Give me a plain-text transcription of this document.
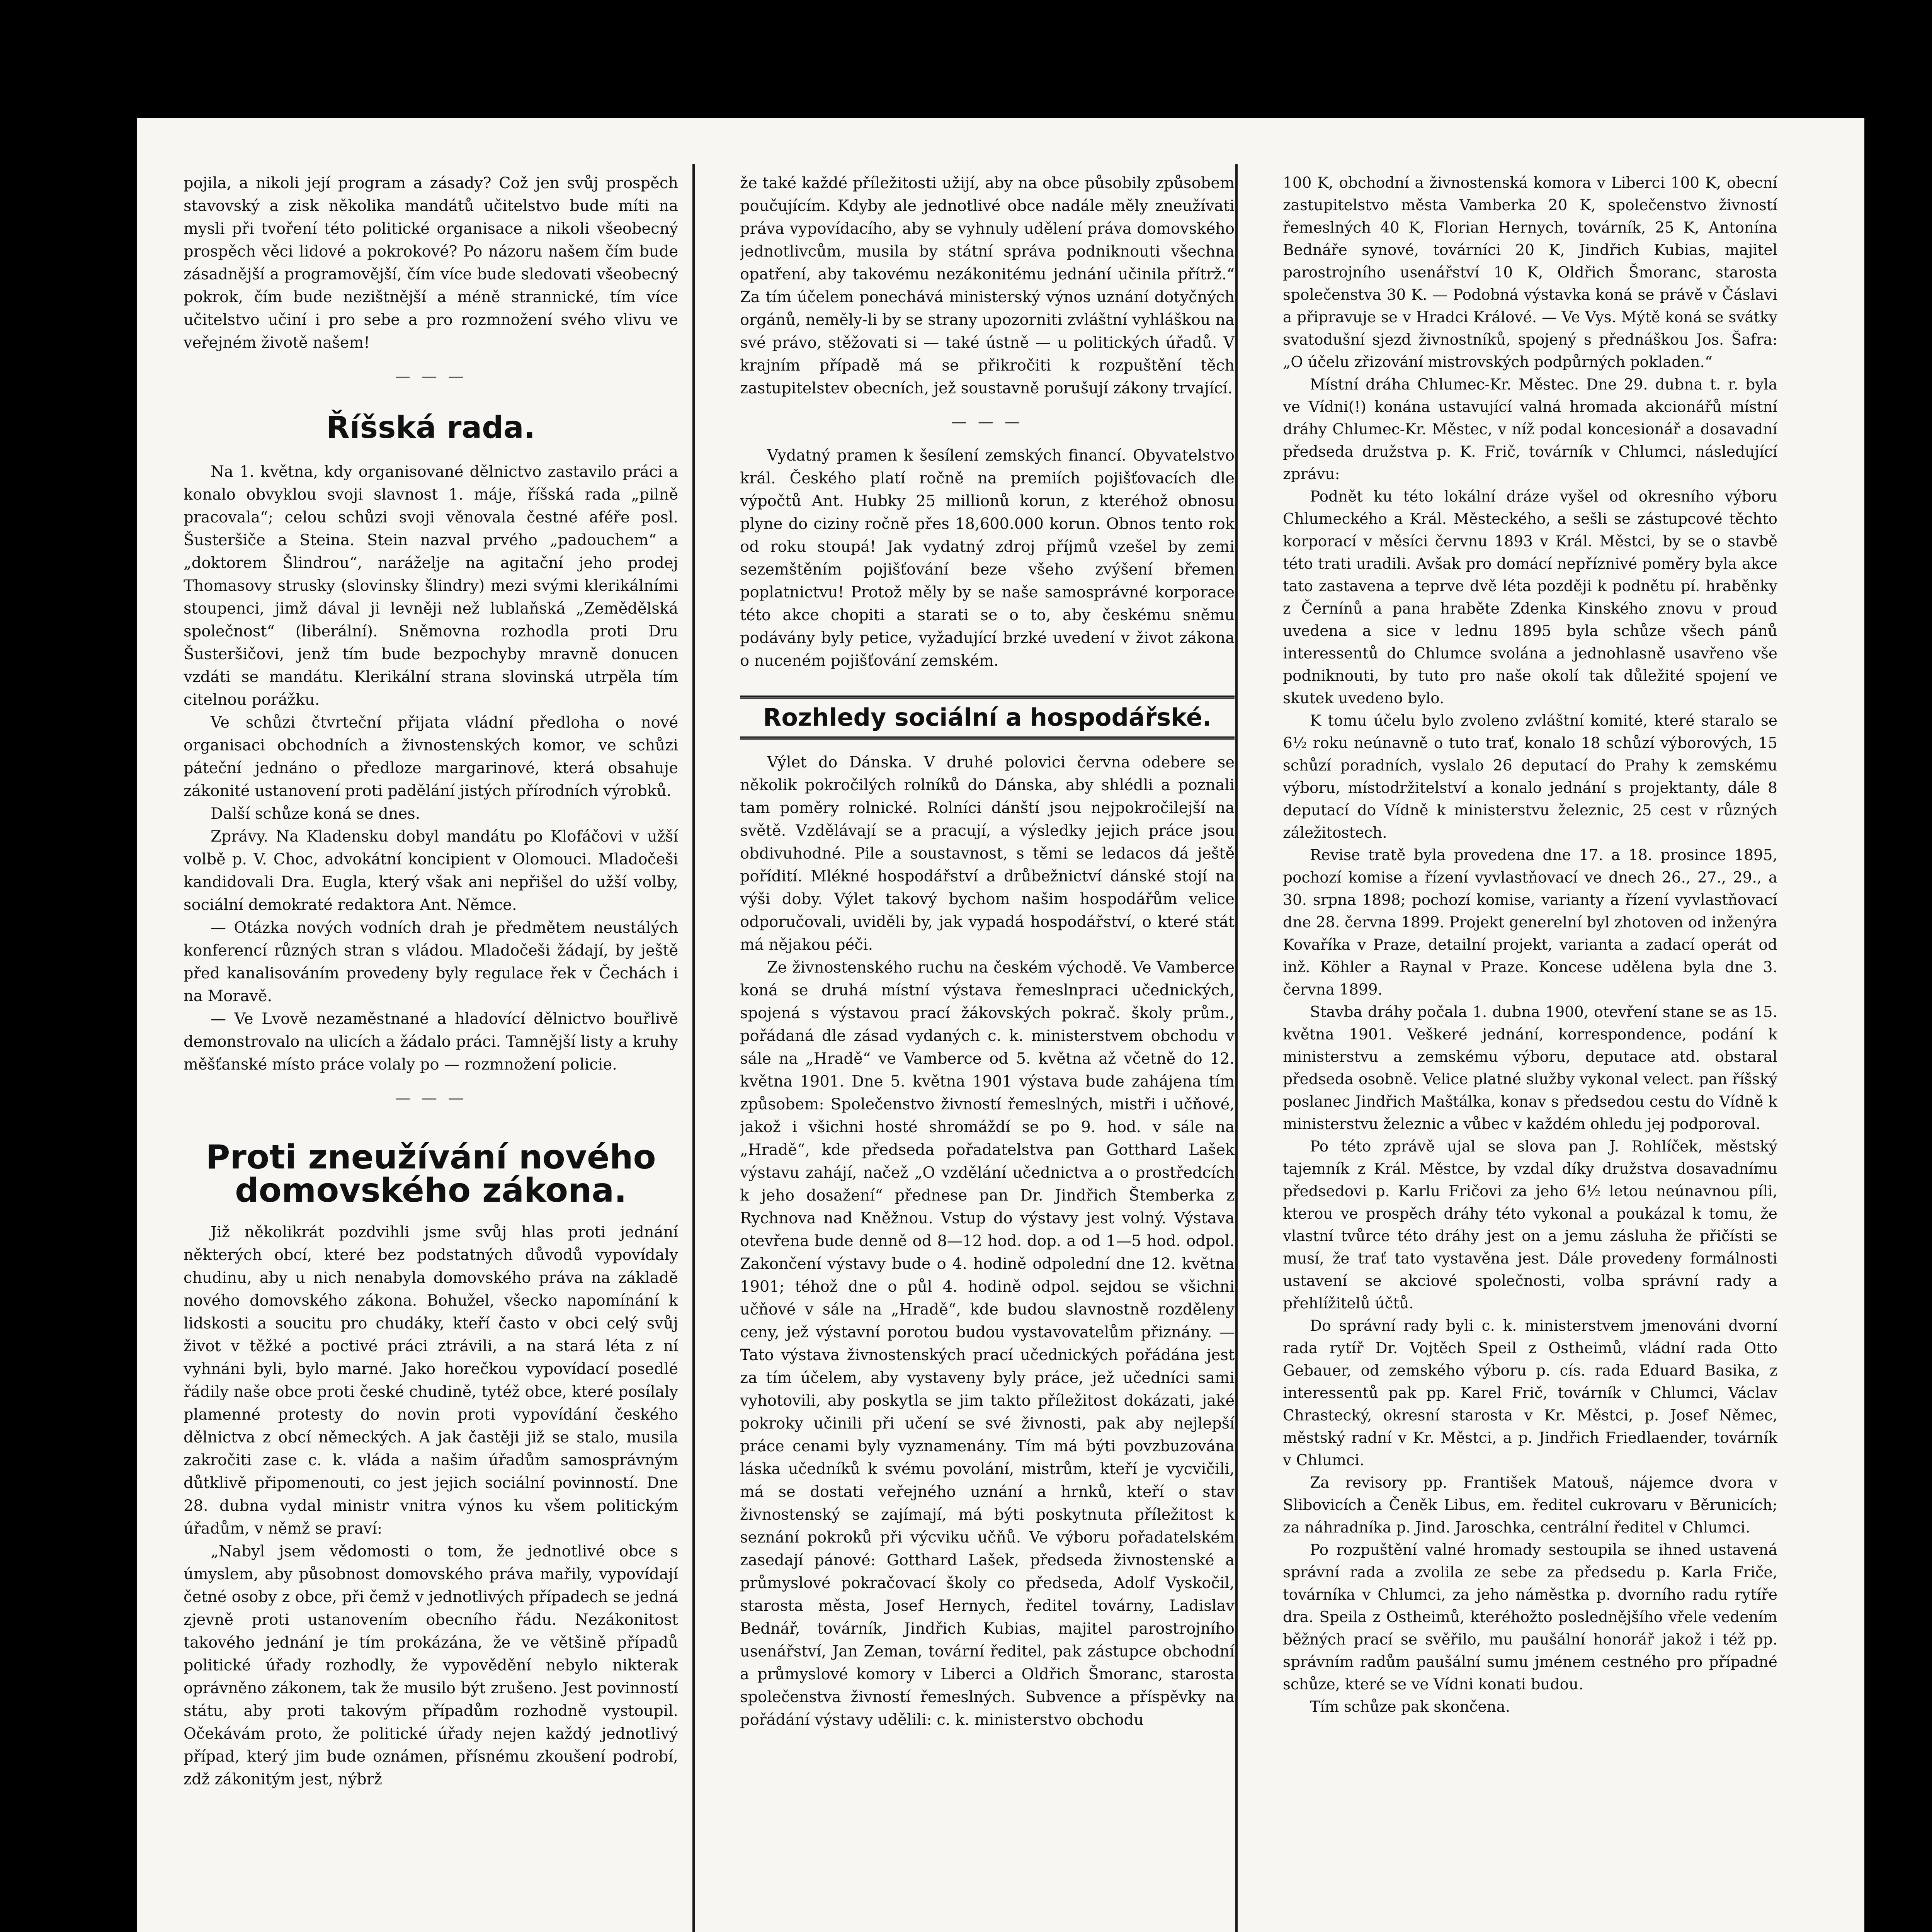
pojila, a nikoli její program a zásady? Což jen svůj prospěch stavovský a zisk několika mandátů učitelstvo bude míti na mysli při tvoření této politické organisace a nikoli všeobecný prospěch věci lidové a pokrokové? Po názoru našem čím bude zásadnější a programovější, čím více bude sledovati všeobecný pokrok, čím bude nezištnější a méně strannické, tím více učitelstvo učiní i pro sebe a pro rozmnožení svého vlivu ve veřejném životě našem!

— — —
Říšská rada.

Na 1. května, kdy organisované dělnictvo zastavilo práci a konalo obvyklou svoji slavnost 1. máje, říšská rada „pilně pracovala“; celou schůzi svoji věnovala čestné aféře posl. Šusteršiče a Steina. Stein nazval prvého „padouchem“ a „doktorem Šlindrou“, naráželje na agitační jeho prodej Thomasovy strusky (slovinsky šlindry) mezi svými klerikálními stoupenci, jimž dával ji levněji než lublaňská „Zemědělská společnost“ (liberální). Sněmovna rozhodla proti Dru Šusteršičovi, jenž tím bude bezpochyby mravně donucen vzdáti se mandátu. Klerikální strana slovinská utrpěla tím citelnou porážku.

Ve schůzi čtvrteční přijata vládní předloha o nové organisaci obchodních a živnostenských komor, ve schůzi páteční jednáno o předloze margarinové, která obsahuje zákonité ustanovení proti padělání jistých přírodních výrobků.

Další schůze koná se dnes.

Zprávy. Na Kladensku dobyl mandátu po Klofáčovi v užší volbě p. V. Choc, advokátní koncipient v Olomouci. Mladočeši kandidovali Dra. Eugla, který však ani nepřišel do užší volby, sociální demokraté redaktora Ant. Němce.

— Otázka nových vodních drah je předmětem neustálých konferencí různých stran s vládou. Mladočeši žádají, by ještě před kanalisováním provedeny byly regulace řek v Čechách i na Moravě.

— Ve Lvově nezaměstnané a hladovící dělnictvo bouřlivě demonstrovalo na ulicích a žádalo práci. Tamnější listy a kruhy měšťanské místo práce volaly po — rozmnožení policie.

— — —
Proti zneužívání nového domovského zákona.

Již několikrát pozdvihli jsme svůj hlas proti jednání některých obcí, které bez podstatných důvodů vypovídaly chudinu, aby u nich nenabyla domovského práva na základě nového domovského zákona. Bohužel, všecko napomínání k lidskosti a soucitu pro chudáky, kteří často v obci celý svůj život v těžké a poctivé práci ztrávili, a na stará léta z ní vyhnáni byli, bylo marné. Jako horečkou vypovídací posedlé řádily naše obce proti české chudině, tytéž obce, které posílaly plamenné protesty do novin proti vypovídání českého dělnictva z obcí německých. A jak častěji již se stalo, musila zakročiti zase c. k. vláda a našim úřadům samosprávným důtklivě připomenouti, co jest jejich sociální povinností. Dne 28. dubna vydal ministr vnitra výnos ku všem politickým úřadům, v němž se praví:

„Nabyl jsem vědomosti o tom, že jednotlivé obce s úmyslem, aby působnost domovského práva mařily, vypovídají četné osoby z obce, při čemž v jednotlivých případech se jedná zjevně proti ustanovením obecního řádu. Nezákonitost takového jednání je tím prokázána, že ve většině případů politické úřady rozhodly, že vypovědění nebylo nikterak oprávněno zákonem, tak že musilo být zrušeno. Jest povinností státu, aby proti takovým případům rozhodně vystoupil. Očekávám proto, že politické úřady nejen každý jednotlivý případ, který jim bude oznámen, přísnému zkoušení podrobí, zdž zákonitým jest, nýbrž

že také každé příležitosti užijí, aby na obce působily způsobem poučujícím. Kdyby ale jednotlivé obce nadále měly zneužívati práva vypovídacího, aby se vyhnuly udělení práva domovského jednotlivcům, musila by státní správa podniknouti všechna opatření, aby takovému nezákonitému jednání učinila přítrž.“ Za tím účelem ponechává ministerský výnos uznání dotyčných orgánů, neměly-li by se strany upozorniti zvláštní vyhláškou na své právo, stěžovati si — také ústně — u politických úřadů. V krajním případě má se přikročiti k rozpuštění těch zastupitelstev obecních, jež soustavně porušují zákony trvající.

— — —

Vydatný pramen k šesílení zemských financí. Obyvatelstvo král. Českého platí ročně na premiích pojišťovacích dle výpočtů Ant. Hubky 25 millionů korun, z kteréhož obnosu plyne do ciziny ročně přes 18,600.000 korun. Obnos tento rok od roku stoupá! Jak vydatný zdroj příjmů vzešel by zemi sezemštěním pojišťování beze všeho zvýšení břemen poplatnictvu! Protož měly by se naše samosprávné korporace této akce chopiti a starati se o to, aby českému sněmu podávány byly petice, vyžadující brzké uvedení v život zákona o nuceném pojišťování zemském.

Rozhledy sociální a hospodářské.

Výlet do Dánska. V druhé polovici června odebere se několik pokročilých rolníků do Dánska, aby shlédli a poznali tam poměry rolnické. Rolníci dánští jsou nejpokročilejší na světě. Vzdělávají se a pracují, a výsledky jejich práce jsou obdivuhodné. Pile a soustavnost, s těmi se ledacos dá ještě pořídití. Mlékné hospodářství a drůbežnictví dánské stojí na výši doby. Výlet takový bychom našim hospodářům velice odporučovali, uviděli by, jak vypadá hospodářství, o které stát má nějakou péči.

Ze živnostenského ruchu na českém východě. Ve Vamberce koná se druhá místní výstava řemeslnpraci učednických, spojená s výstavou prací žákovských pokrač. školy prům., pořádaná dle zásad vydaných c. k. ministerstvem obchodu v sále na „Hradě“ ve Vamberce od 5. května až včetně do 12. května 1901. Dne 5. května 1901 výstava bude zahájena tím způsobem: Společenstvo živností řemeslných, mistři i učňové, jakož i všichni hosté shromáždí se po 9. hod. v sále na „Hradě“, kde předseda pořadatelstva pan Gotthard Lašek výstavu zahájí, načež „O vzdělání učednictva a o prostředcích k jeho dosažení“ přednese pan Dr. Jindřich Štemberka z Rychnova nad Kněžnou. Vstup do výstavy jest volný. Výstava otevřena bude denně od 8—12 hod. dop. a od 1—5 hod. odpol. Zakončení výstavy bude o 4. hodině odpolední dne 12. května 1901; téhož dne o půl 4. hodině odpol. sejdou se všichni učňové v sále na „Hradě“, kde budou slavnostně rozděleny ceny, jež výstavní porotou budou vystavovatelům přiznány. — Tato výstava živnostenských prací učednických pořádána jest za tím účelem, aby vystaveny byly práce, jež učedníci sami vyhotovili, aby poskytla se jim takto příležitost dokázati, jaké pokroky učinili při učení se své živnosti, pak aby nejlepší práce cenami byly vyznamenány. Tím má býti povzbuzována láska učedníků k svému povolání, mistrům, kteří je vycvičili, má se dostati veřejného uznání a hrnků, kteří o stav živnostenský se zajímají, má býti poskytnuta příležitost k seznání pokroků při výcviku učňů. Ve výboru pořadatelském zasedají pánové: Gotthard Lašek, předseda živnostenské a průmyslové pokračovací školy co předseda, Adolf Vyskočil, starosta města, Josef Hernych, ředitel továrny, Ladislav Bednář, továrník, Jindřich Kubias, majitel parostrojního usenářství, Jan Zeman, tovární ředitel, pak zástupce obchodní a průmyslové komory v Liberci a Oldřich Šmoranc, starosta společenstva živností řemeslných. Subvence a příspěvky na pořádání výstavy udělili: c. k. ministerstvo obchodu

100 K, obchodní a živnostenská komora v Liberci 100 K, obecní zastupitelstvo města Vamberka 20 K, společenstvo živností řemeslných 40 K, Florian Hernych, továrník, 25 K, Antonína Bednáře synové, továrníci 20 K, Jindřich Kubias, majitel parostrojního usenářství 10 K, Oldřich Šmoranc, starosta společenstva 30 K. — Podobná výstavka koná se právě v Čáslavi a připravuje se v Hradci Králové. — Ve Vys. Mýtě koná se svátky svatodušní sjezd živnostníků, spojený s přednáškou Jos. Šafra: „O účelu zřizování mistrovských podpůrných pokladen.“

Místní dráha Chlumec-Kr. Městec. Dne 29. dubna t. r. byla ve Vídni(!) konána ustavující valná hromada akcionářů místní dráhy Chlumec-Kr. Městec, v níž podal koncesionář a dosavadní předseda družstva p. K. Frič, továrník v Chlumci, následující zprávu:

Podnět ku této lokální dráze vyšel od okresního výboru Chlumeckého a Král. Městeckého, a sešli se zástupcové těchto korporací v měsíci červnu 1893 v Král. Městci, by se o stavbě této trati uradili. Avšak pro domácí nepříznivé poměry byla akce tato zastavena a teprve dvě léta později k podnětu pí. hraběnky z Černínů a pana hraběte Zdenka Kinského znovu v proud uvedena a sice v lednu 1895 byla schůze všech pánů interessentů do Chlumce svolána a jednohlasně usavřeno vše podniknouti, by tuto pro naše okolí tak důležité spojení ve skutek uvedeno bylo.

K tomu účelu bylo zvoleno zvláštní komité, které staralo se 6½ roku neúnavně o tuto trať, konalo 18 schůzí výborových, 15 schůzí poradních, vyslalo 26 deputací do Prahy k zemskému výboru, místodržitelství a konalo jednání s projektanty, dále 8 deputací do Vídně k ministerstvu železnic, 25 cest v různých záležitostech.

Revise tratě byla provedena dne 17. a 18. prosince 1895, pochozí komise a řízení vyvlastňovací ve dnech 26., 27., 29., a 30. srpna 1898; pochozí komise, varianty a řízení vyvlastňovací dne 28. června 1899. Projekt generelní byl zhotoven od inženýra Kovaříka v Praze, detailní projekt, varianta a zadací operát od inž. Köhler a Raynal v Praze. Koncese udělena byla dne 3. června 1899.

Stavba dráhy počala 1. dubna 1900, otevření stane se as 15. května 1901. Veškeré jednání, korrespondence, podání k ministerstvu a zemskému výboru, deputace atd. obstaral předseda osobně. Velice platné služby vykonal velect. pan říšský poslanec Jindřich Maštálka, konav s předsedou cestu do Vídně k ministerstvu železnic a vůbec v každém ohledu jej podporoval.

Po této zprávě ujal se slova pan J. Rohlíček, městský tajemník z Král. Městce, by vzdal díky družstva dosavadnímu předsedovi p. Karlu Fričovi za jeho 6½ letou neúnavnou píli, kterou ve prospěch dráhy této vykonal a poukázal k tomu, že vlastní tvůrce této dráhy jest on a jemu zásluha že přičísti se musí, že trať tato vystavěna jest. Dále provedeny formálnosti ustavení se akciové společnosti, volba správní rady a přehlížitelů účtů.

Do správní rady byli c. k. ministerstvem jmenováni dvorní rada rytíř Dr. Vojtěch Speil z Ostheimů, vládní rada Otto Gebauer, od zemského výboru p. cís. rada Eduard Basika, z interessentů pak pp. Karel Frič, továrník v Chlumci, Václav Chrastecký, okresní starosta v Kr. Městci, p. Josef Němec, městský radní v Kr. Městci, a p. Jindřich Friedlaender, továrník v Chlumci.

Za revisory pp. František Matouš, nájemce dvora v Slibovicích a Čeněk Libus, em. ředitel cukrovaru v Běrunicích; za náhradníka p. Jind. Jaroschka, centrální ředitel v Chlumci.

Po rozpuštění valné hromady sestoupila se ihned ustavená správní rada a zvolila ze sebe za předsedu p. Karla Friče, továrníka v Chlumci, za jeho náměstka p. dvorního radu rytíře dra. Speila z Ostheimů, kteréhožto poslednějšího vřele vedením běžných prací se svěřilo, mu paušální honorář jakož i též pp. správním radům paušální sumu jménem cestného pro případné schůze, které se ve Vídni konati budou.

Tím schůze pak skončena.
